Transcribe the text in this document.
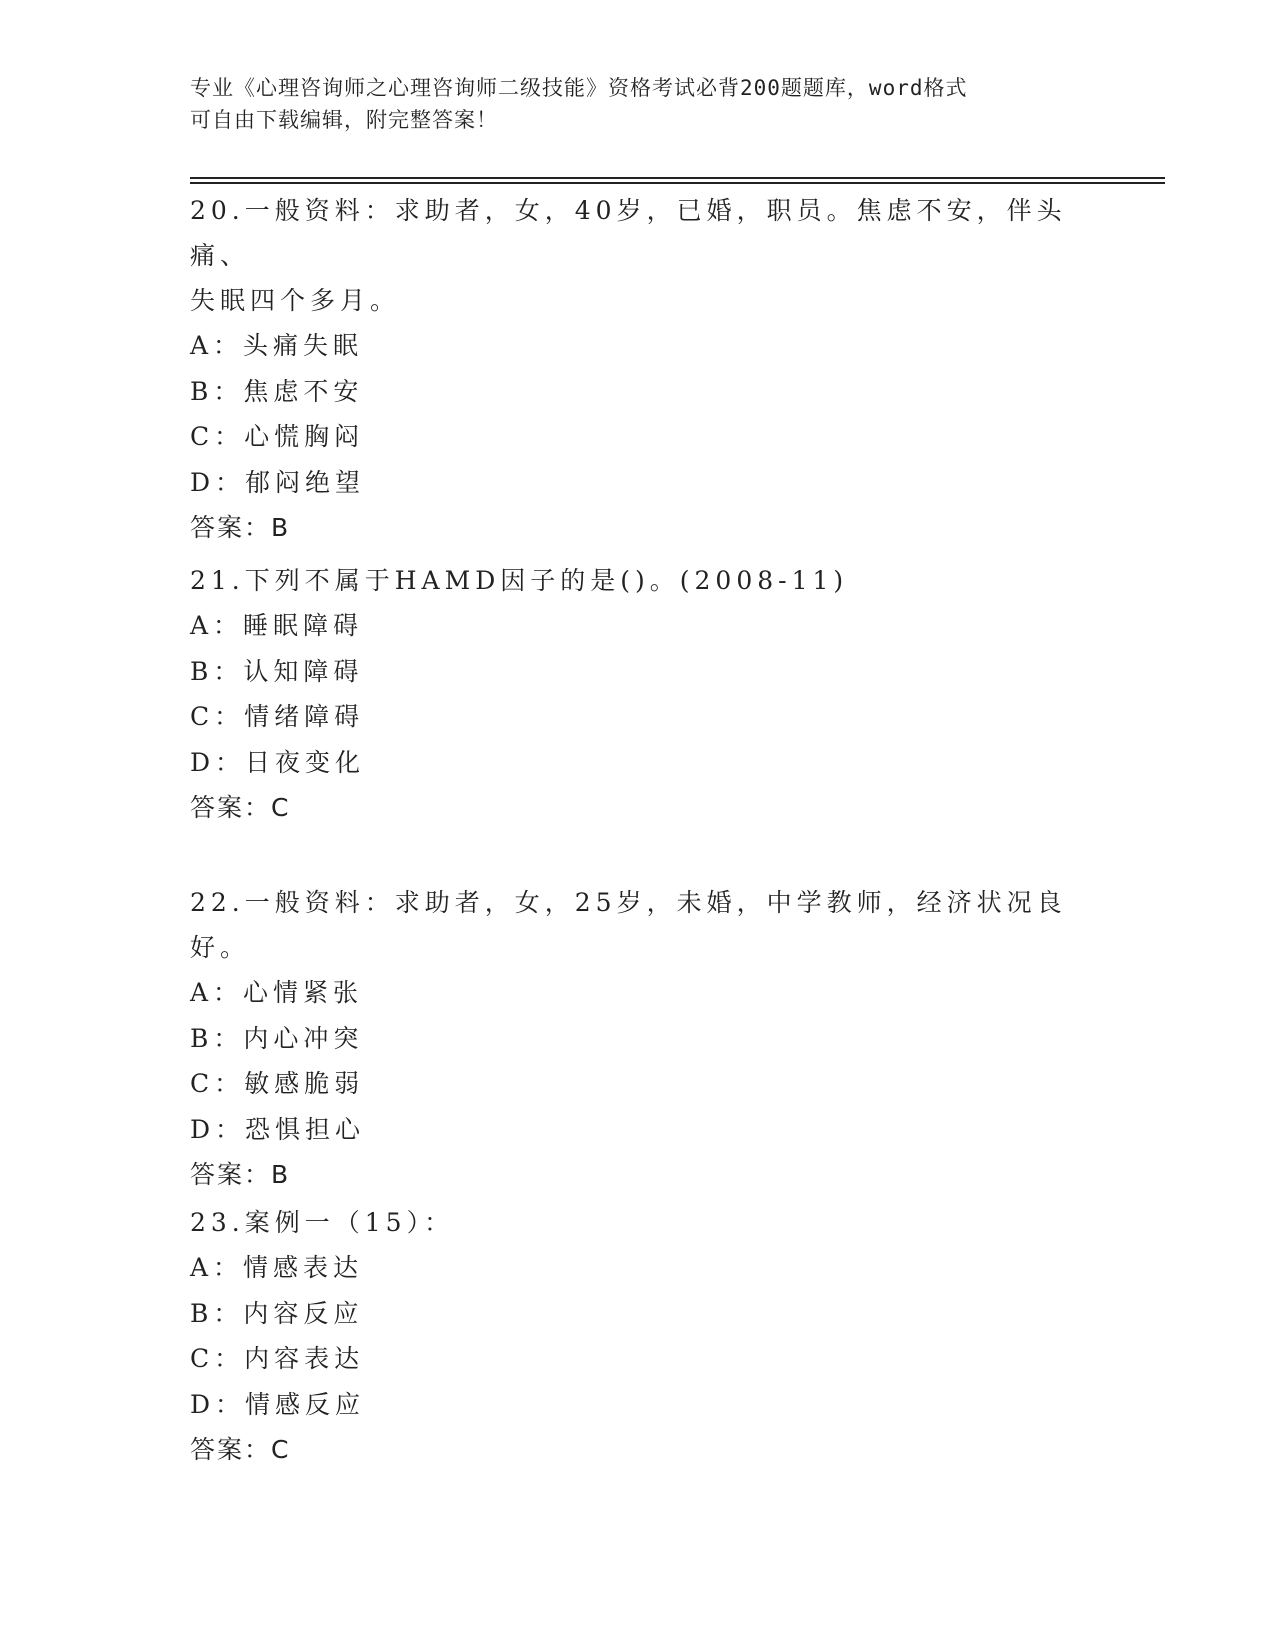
专业《心理咨询师之心理咨询师二级技能》资格考试必背200题题库，word格式
可自由下载编辑，附完整答案！
20.一般资料：求助者，女，40岁，已婚，职员。焦虑不安，伴头痛、
失眠四个多月。
A：头痛失眠
B：焦虑不安
C：心慌胸闷
D：郁闷绝望
答案：B
21.下列不属于HAMD因子的是()。(2008-11)
A：睡眠障碍
B：认知障碍
C：情绪障碍
D：日夜变化
答案：C
22.一般资料：求助者，女，25岁，未婚，中学教师，经济状况良好。
A：心情紧张
B：内心冲突
C：敏感脆弱
D：恐惧担心
答案：B
23.案例一（15）：
A：情感表达
B：内容反应
C：内容表达
D：情感反应
答案：C
